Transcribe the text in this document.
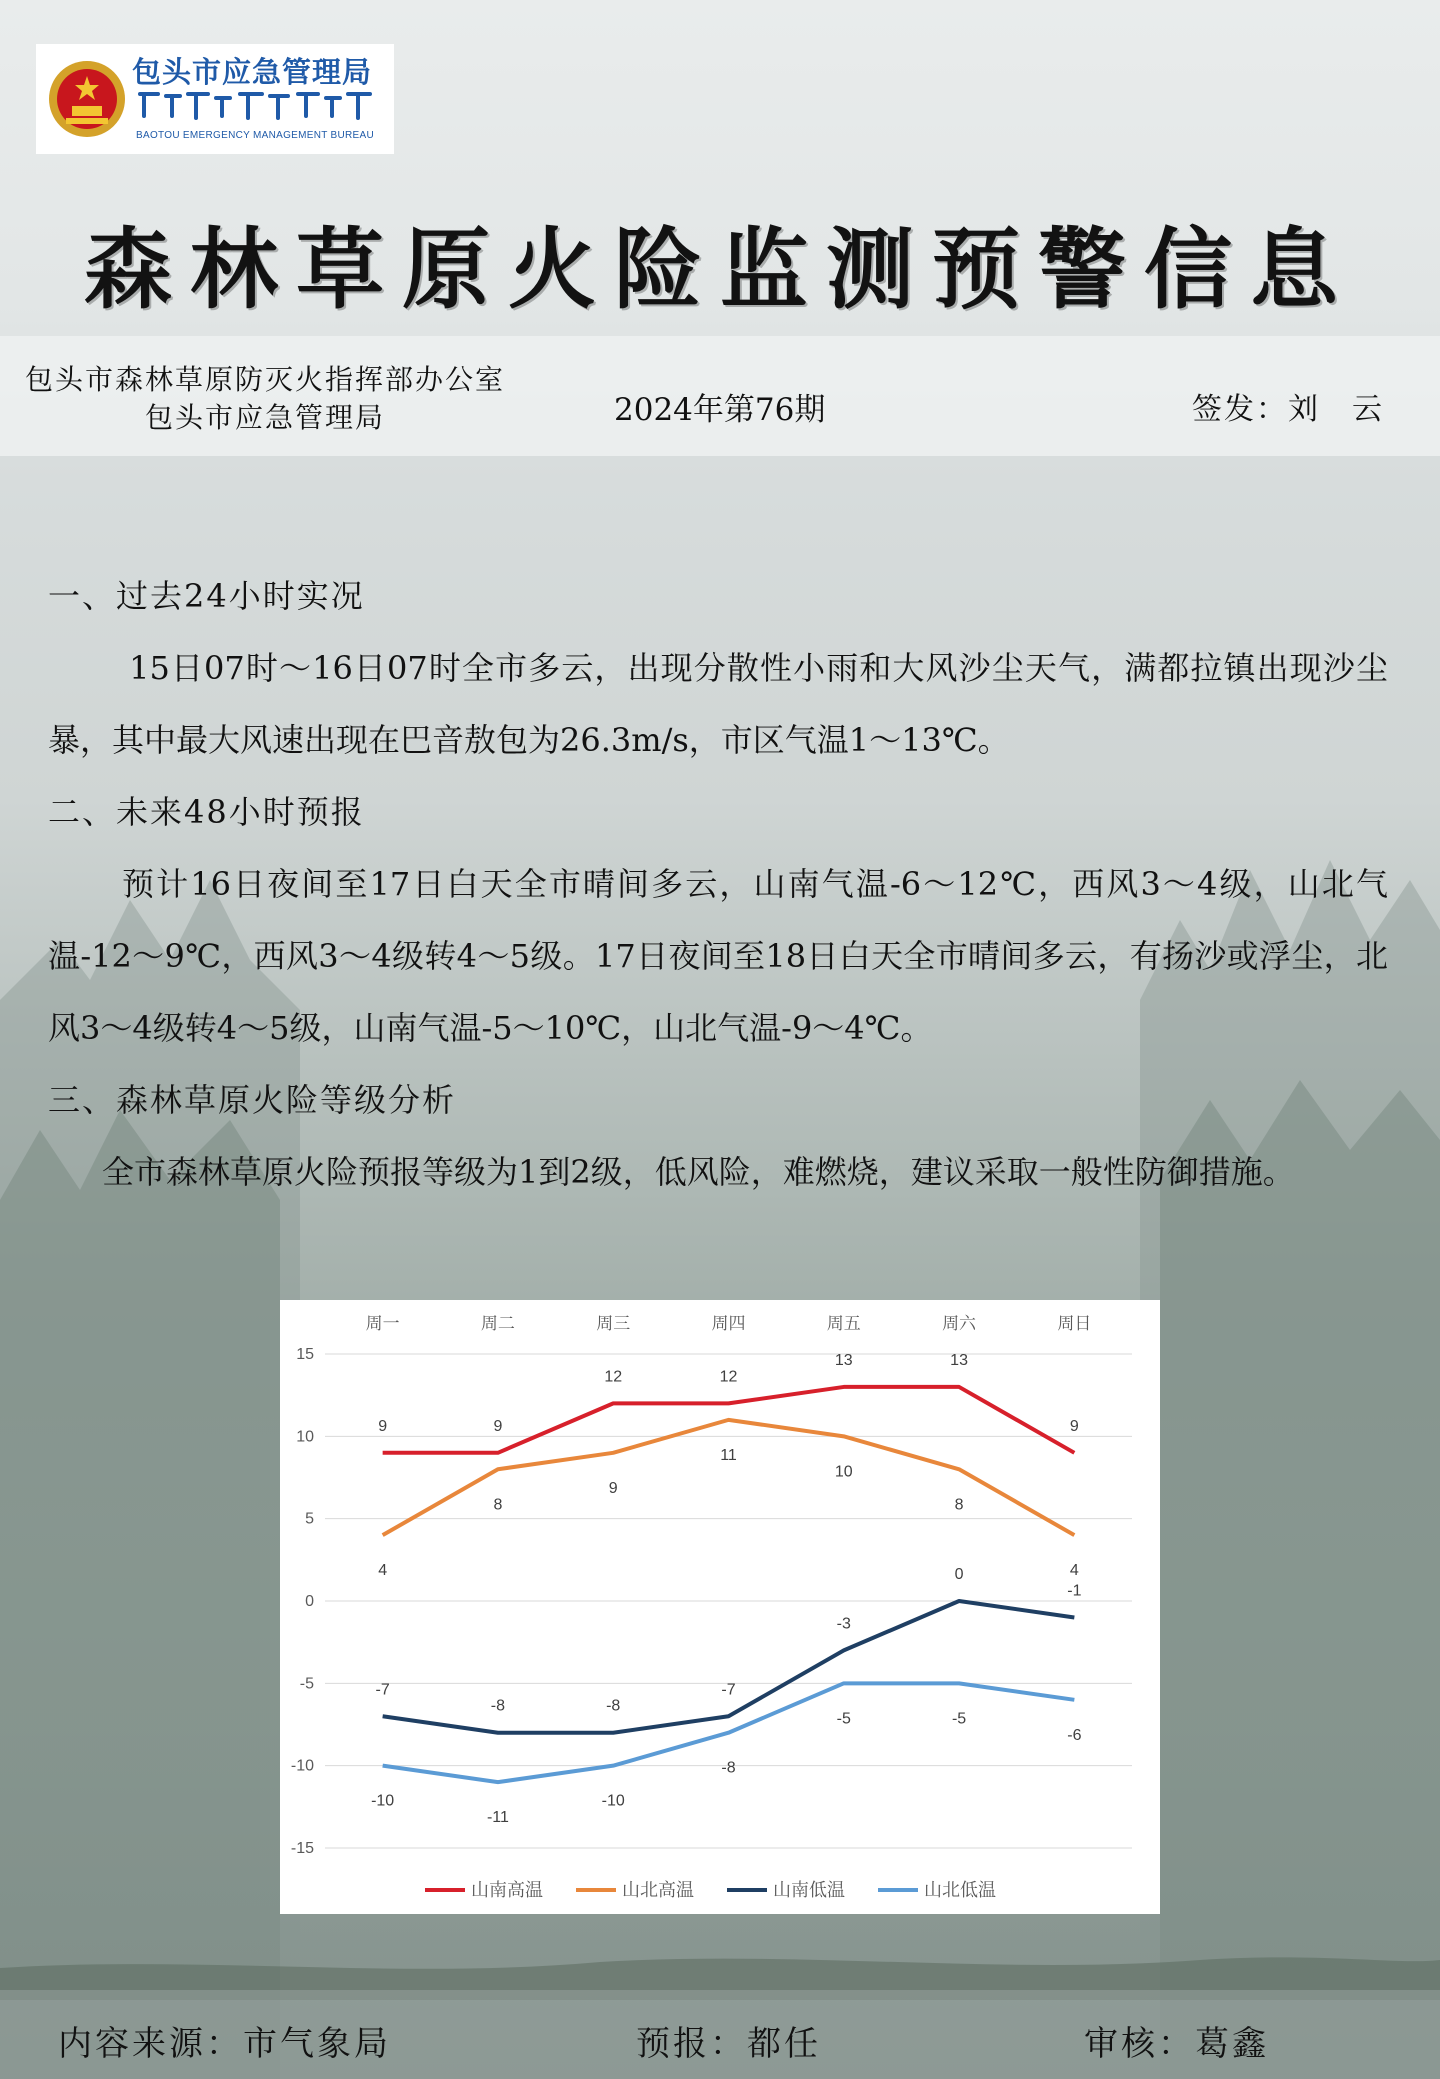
包头市应急管理局
BAOTOU EMERGENCY MANAGEMENT BUREAU
森林草原火险监测预警信息
包头市森林草原防灭火指挥部办公室
包头市应急管理局	2024年第76期	签发：刘　云
一、过去24小时实况

　15日07时～16日07时全市多云，出现分散性小雨和大风沙尘天气，满都拉镇出现沙尘暴，其中最大风速出现在巴音敖包为26.3m/s，市区气温1～13℃。

二、未来48小时预报

预计16日夜间至17日白天全市晴间多云，山南气温-6～12℃，西风3～4级，山北气温-12～9℃，西风3～4级转4～5级。17日夜间至18日白天全市晴间多云，有扬沙或浮尘，北风3～4级转4～5级，山南气温-5～10℃，山北气温-9～4℃。

三、森林草原火险等级分析

全市森林草原火险预报等级为1到2级，低风险，难燃烧，建议采取一般性防御措施。

15
10
5
0
-5
-10
-15
周一	周二	周三	周四	周五	周六	周日
9	9
12	12
13	13
9
4
8
9
11
10
8
4
-7
-8	-8
-7
-3
0
-1
-10
-11
-10
-8
-5	-5
-6
山南高温	山北高温	山南低温	山北低温
内容来源：市气象局	预报：都任	审核：葛鑫
